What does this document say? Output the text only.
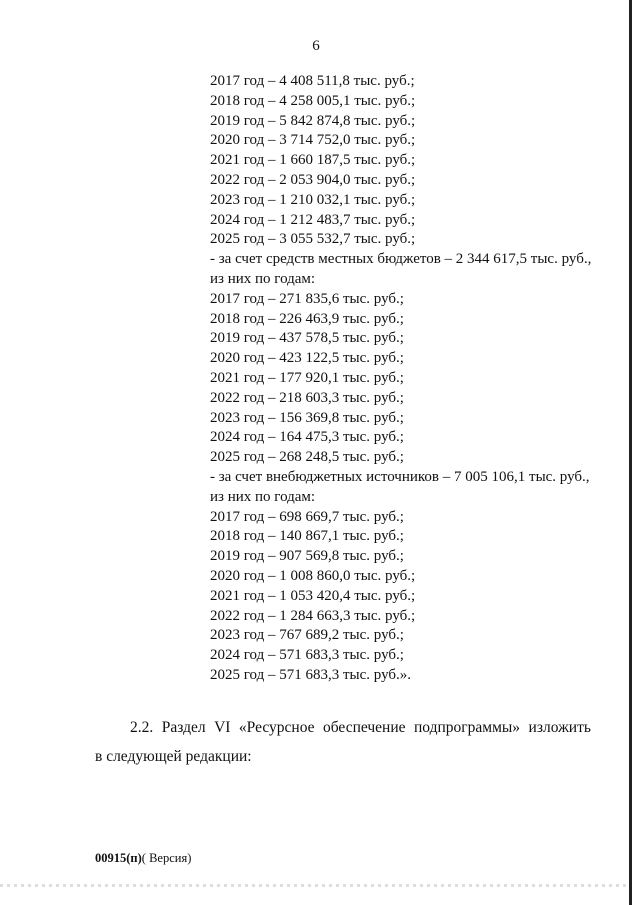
6
2017 год – 4 408 511,8 тыс. руб.;
2018 год – 4 258 005,1 тыс. руб.;
2019 год – 5 842 874,8 тыс. руб.;
2020 год – 3 714 752,0 тыс. руб.;
2021 год – 1 660 187,5 тыс. руб.;
2022 год – 2 053 904,0 тыс. руб.;
2023 год – 1 210 032,1 тыс. руб.;
2024 год – 1 212 483,7 тыс. руб.;
2025 год – 3 055 532,7 тыс. руб.;
- за счет средств местных бюджетов – 2 344 617,5 тыс. руб.,
из них по годам:
2017 год – 271 835,6 тыс. руб.;
2018 год – 226 463,9 тыс. руб.;
2019 год – 437 578,5 тыс. руб.;
2020 год – 423 122,5 тыс. руб.;
2021 год – 177 920,1 тыс. руб.;
2022 год – 218 603,3 тыс. руб.;
2023 год – 156 369,8 тыс. руб.;
2024 год – 164 475,3 тыс. руб.;
2025 год – 268 248,5 тыс. руб.;
- за счет внебюджетных источников – 7 005 106,1 тыс. руб.,
из них по годам:
2017 год – 698 669,7 тыс. руб.;
2018 год – 140 867,1 тыс. руб.;
2019 год – 907 569,8 тыс. руб.;
2020 год – 1 008 860,0 тыс. руб.;
2021 год – 1 053 420,4 тыс. руб.;
2022 год – 1 284 663,3 тыс. руб.;
2023 год – 767 689,2 тыс. руб.;
2024 год – 571 683,3 тыс. руб.;
2025 год – 571 683,3 тыс. руб.».
2.2. Раздел VI «Ресурсное обеспечение подпрограммы» изложить
в следующей редакции:
00915(п)( Версия)
